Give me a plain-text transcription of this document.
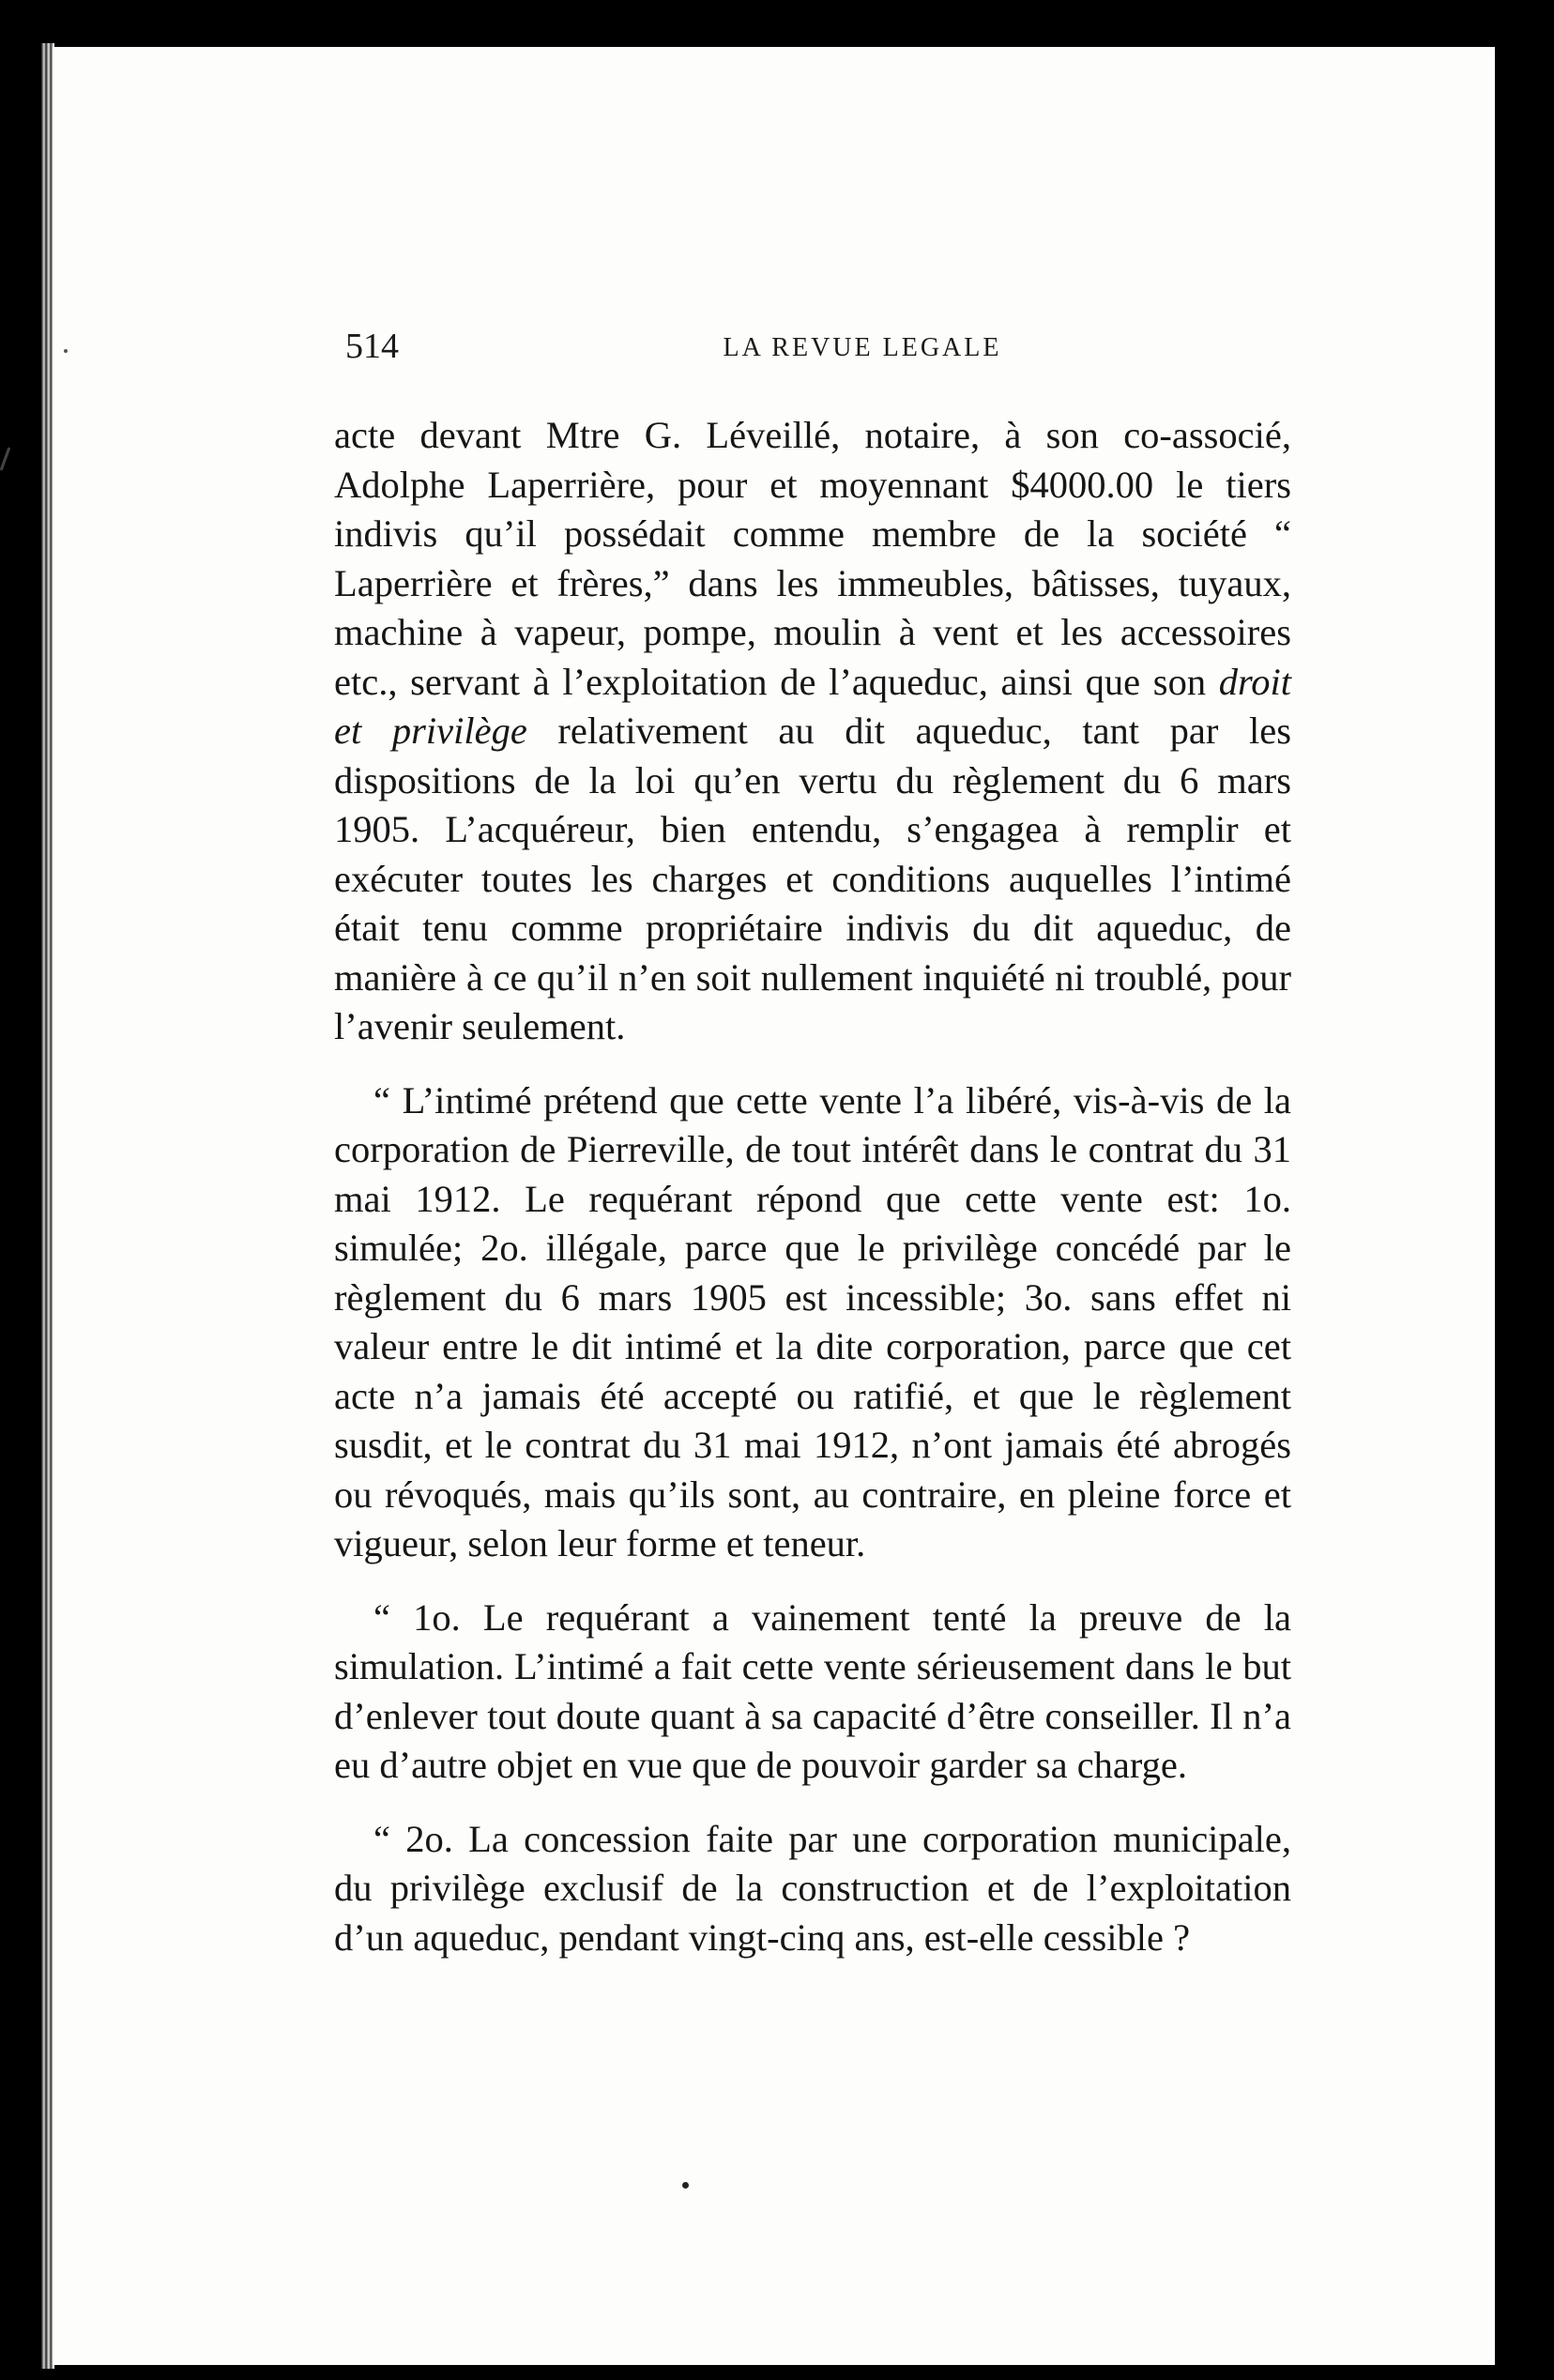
514	LA REVUE LEGALE

acte devant Mtre G. Léveillé, notaire, à son co-associé, Adolphe Laperrière, pour et moyennant $4000.00 le tiers indivis qu’il possédait comme membre de la société “ Laperrière et frères,” dans les immeubles, bâtisses, tuyaux, machine à vapeur, pompe, moulin à vent et les accessoires etc., servant à l’exploitation de l’aqueduc, ainsi que son droit et privilège relativement au dit aqueduc, tant par les dispositions de la loi qu’en vertu du règlement du 6 mars 1905. L’acquéreur, bien entendu, s’engagea à remplir et exécuter toutes les charges et conditions auquelles l’intimé était tenu comme propriétaire indivis du dit aqueduc, de manière à ce qu’il n’en soit nullement inquiété ni troublé, pour l’avenir seulement.

“ L’intimé prétend que cette vente l’a libéré, vis-à-vis de la corporation de Pierreville, de tout intérêt dans le contrat du 31 mai 1912. Le requérant répond que cette vente est: 1o. simulée; 2o. illégale, parce que le privilège concédé par le règlement du 6 mars 1905 est incessible; 3o. sans effet ni valeur entre le dit intimé et la dite corporation, parce que cet acte n’a jamais été accepté ou ratifié, et que le règlement susdit, et le contrat du 31 mai 1912, n’ont jamais été abrogés ou révoqués, mais qu’ils sont, au contraire, en pleine force et vigueur, selon leur forme et teneur.

“ 1o. Le requérant a vainement tenté la preuve de la simulation. L’intimé a fait cette vente sérieusement dans le but d’enlever tout doute quant à sa capacité d’être conseiller. Il n’a eu d’autre objet en vue que de pouvoir garder sa charge.

“ 2o. La concession faite par une corporation municipale, du privilège exclusif de la construction et de l’exploitation d’un aqueduc, pendant vingt-cinq ans, est-elle cessible ?
